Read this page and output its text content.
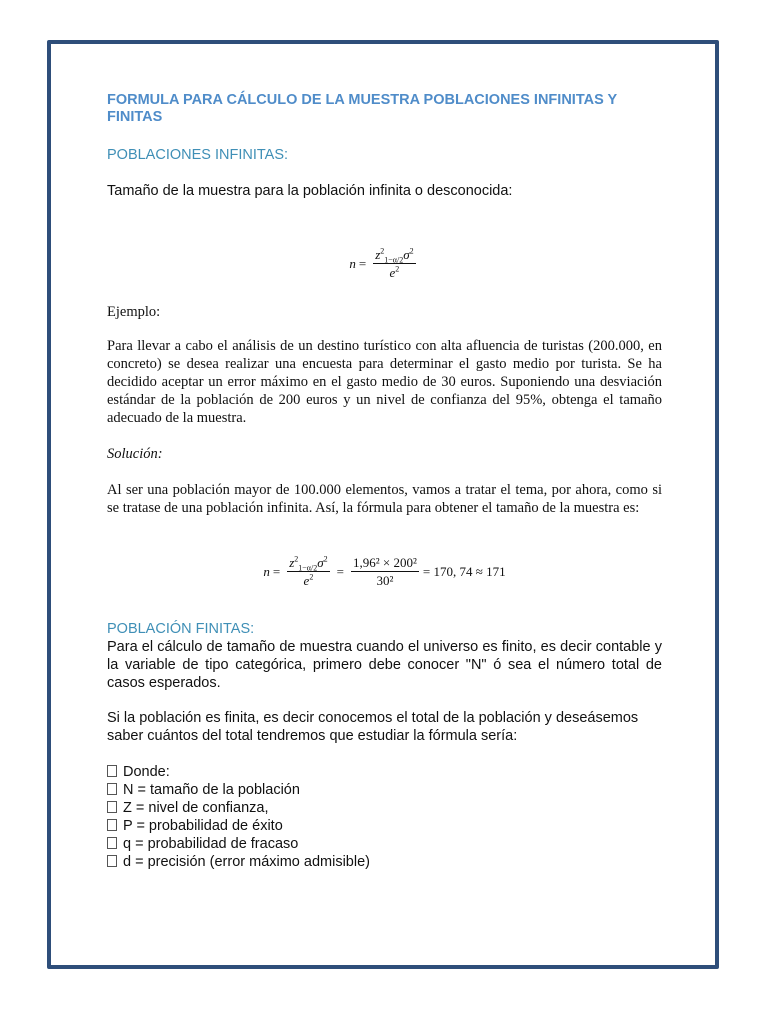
FORMULA PARA CÁLCULO DE LA MUESTRA POBLACIONES INFINITAS Y FINITAS

POBLACIONES INFINITAS:

Tamaño de la muestra para la población infinita o desconocida:

$n = \frac{z^2_{1-\alpha/2}\sigma^2}{e^2}$

Ejemplo:

Para llevar a cabo el análisis de un destino turístico con alta afluencia de turistas (200.000, en concreto) se desea realizar una encuesta para determinar el gasto medio por turista. Se ha decidido aceptar un error máximo en el gasto medio de 30 euros. Suponiendo una desviación estándar de la población de 200 euros y un nivel de confianza del 95%, obtenga el tamaño adecuado de la muestra.

Solución:

Al ser una población mayor de 100.000 elementos, vamos a tratar el tema, por ahora, como si se tratase de una población infinita. Así, la fórmula para obtener el tamaño de la muestra es:

$n = \frac{z^2_{1-\alpha/2}\sigma^2}{e^2} = \frac{\text{1,96² × 200²}}{\text{30²}} = 170$, 74 ≈ 171

POBLACIÓN FINITAS:

Para el cálculo de tamaño de muestra cuando el universo es finito, es decir contable y la variable de tipo categórica, primero debe conocer "N" ó sea el número total de casos esperados.

Si la población es finita, es decir conocemos el total de la población y deseásemos saber cuántos del total tendremos que estudiar la fórmula sería:

Donde:
N = tamaño de la población
Z = nivel de confianza,
P = probabilidad de éxito
q = probabilidad de fracaso
d = precisión (error máximo admisible)
